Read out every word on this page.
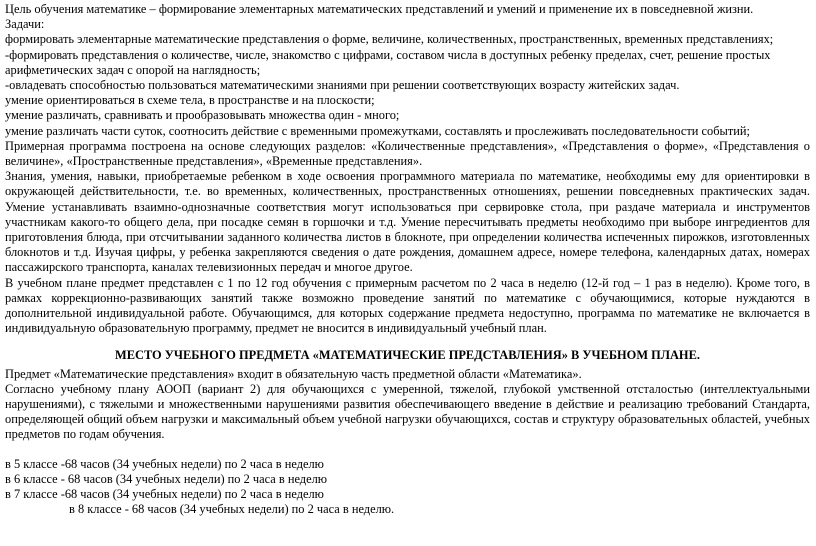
Цель обучения математике – формирование элементарных математических представлений и умений и применение их в повседневной жизни.

Задачи:

формировать элементарные математические представления о форме, величине, количественных, пространственных, временных представлениях;

-формировать представления о количестве, числе, знакомство с цифрами, составом числа в доступных ребенку пределах, счет, решение простых арифметических задач с опорой на наглядность;

-овладевать способностью пользоваться математическими знаниями при решении соответствующих возрасту житейских задач.

умение ориентироваться в схеме тела, в пространстве и на плоскости;

умение различать, сравнивать и прообразовывать множества один - много;

умение различать части суток, соотносить действие с временными промежутками, составлять и прослеживать последовательности событий;

Примерная программа построена на основе следующих разделов: «Количественные представления», «Представления о форме», «Представления о величине», «Пространственные представления», «Временные представления».

Знания, умения, навыки, приобретаемые ребенком в ходе освоения программного материала по математике, необходимы ему для ориентировки в окружающей действительности, т.е. во временных, количественных, пространственных отношениях, решении повседневных практических задач. Умение устанавливать взаимно-однозначные соответствия могут использоваться при сервировке стола, при раздаче материала и инструментов участникам какого-то общего дела, при посадке семян в горшочки и т.д. Умение пересчитывать предметы необходимо при выборе ингредиентов для приготовления блюда, при отсчитывании заданного количества листов в блокноте, при определении количества испеченных пирожков, изготовленных блокнотов и т.д. Изучая цифры, у ребенка закрепляются сведения о дате рождения, домашнем адресе, номере телефона, календарных датах, номерах пассажирского транспорта, каналах телевизионных передач и многое другое.

В учебном плане предмет представлен с 1 по 12 год обучения с примерным расчетом по 2 часа в неделю (12-й год – 1 раз в неделю). Кроме того, в рамках коррекционно-развивающих занятий также возможно проведение занятий по математике с обучающимися, которые нуждаются в дополнительной индивидуальной работе. Обучающимся, для которых содержание предмета недоступно, программа по математике не включается в индивидуальную образовательную программу, предмет не вносится в индивидуальный учебный план.

МЕСТО УЧЕБНОГО ПРЕДМЕТА «МАТЕМАТИЧЕСКИЕ ПРЕДСТАВЛЕНИЯ» В УЧЕБНОМ ПЛАНЕ.

Предмет «Математические представления» входит в обязательную часть предметной области «Математика».

Согласно учебному плану АООП (вариант 2) для обучающихся с умеренной, тяжелой, глубокой умственной отсталостью (интеллектуальными нарушениями), с тяжелыми и множественными нарушениями развития обеспечивающего введение в действие и реализацию требований Стандарта, определяющей общий объем нагрузки и максимальный объем учебной нагрузки обучающихся, состав и структуру образовательных областей, учебных предметов по годам обучения.

в 5 классе -68 часов (34 учебных недели) по 2 часа в неделю

в 6 классе - 68 часов (34 учебных недели) по 2 часа в неделю

в 7 классе -68 часов (34 учебных недели) по 2 часа в неделю

в 8 классе - 68 часов (34 учебных недели) по 2 часа в неделю.
